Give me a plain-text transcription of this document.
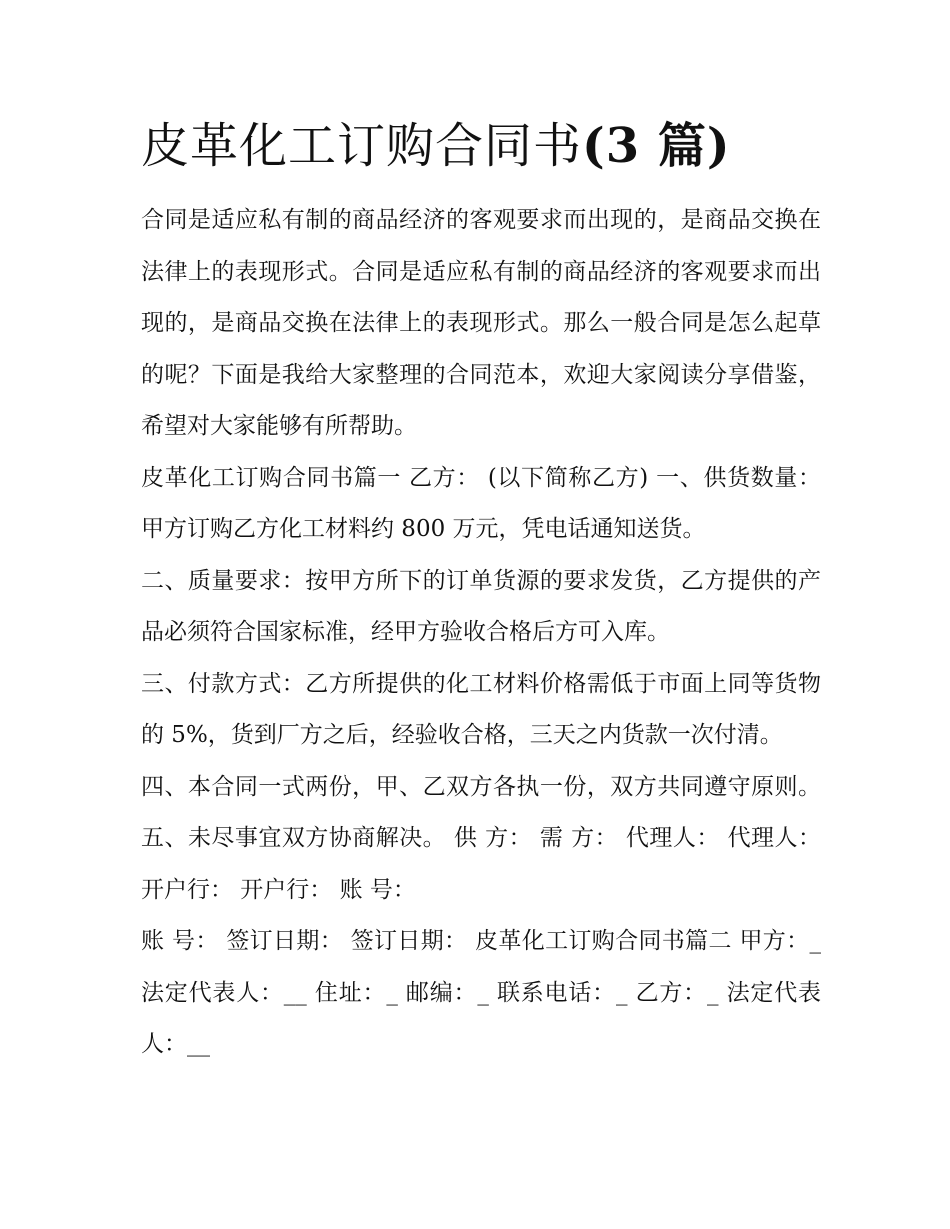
皮革化工订购合同书(3 篇)

合同是适应私有制的商品经济的客观要求而出现的，是商品交换在法律上的表现形式。合同是适应私有制的商品经济的客观要求而出现的，是商品交换在法律上的表现形式。那么一般合同是怎么起草的呢？下面是我给大家整理的合同范本，欢迎大家阅读分享借鉴，希望对大家能够有所帮助。

皮革化工订购合同书篇一 乙方： (以下简称乙方) 一、供货数量：甲方订购乙方化工材料约 800 万元，凭电话通知送货。

二、质量要求：按甲方所下的订单货源的要求发货，乙方提供的产品必须符合国家标准，经甲方验收合格后方可入库。

三、付款方式：乙方所提供的化工材料价格需低于市面上同等货物的 5%，货到厂方之后，经验收合格，三天之内货款一次付清。

四、本合同一式两份，甲、乙双方各执一份，双方共同遵守原则。 五、未尽事宜双方协商解决。 供 方： 需 方： 代理人： 代理人： 开户行： 开户行： 账 号：

账 号： 签订日期： 签订日期： 皮革化工订购合同书篇二 甲方：_ 法定代表人：__ 住址：_ 邮编：_ 联系电话：_ 乙方：_ 法定代表人：__
